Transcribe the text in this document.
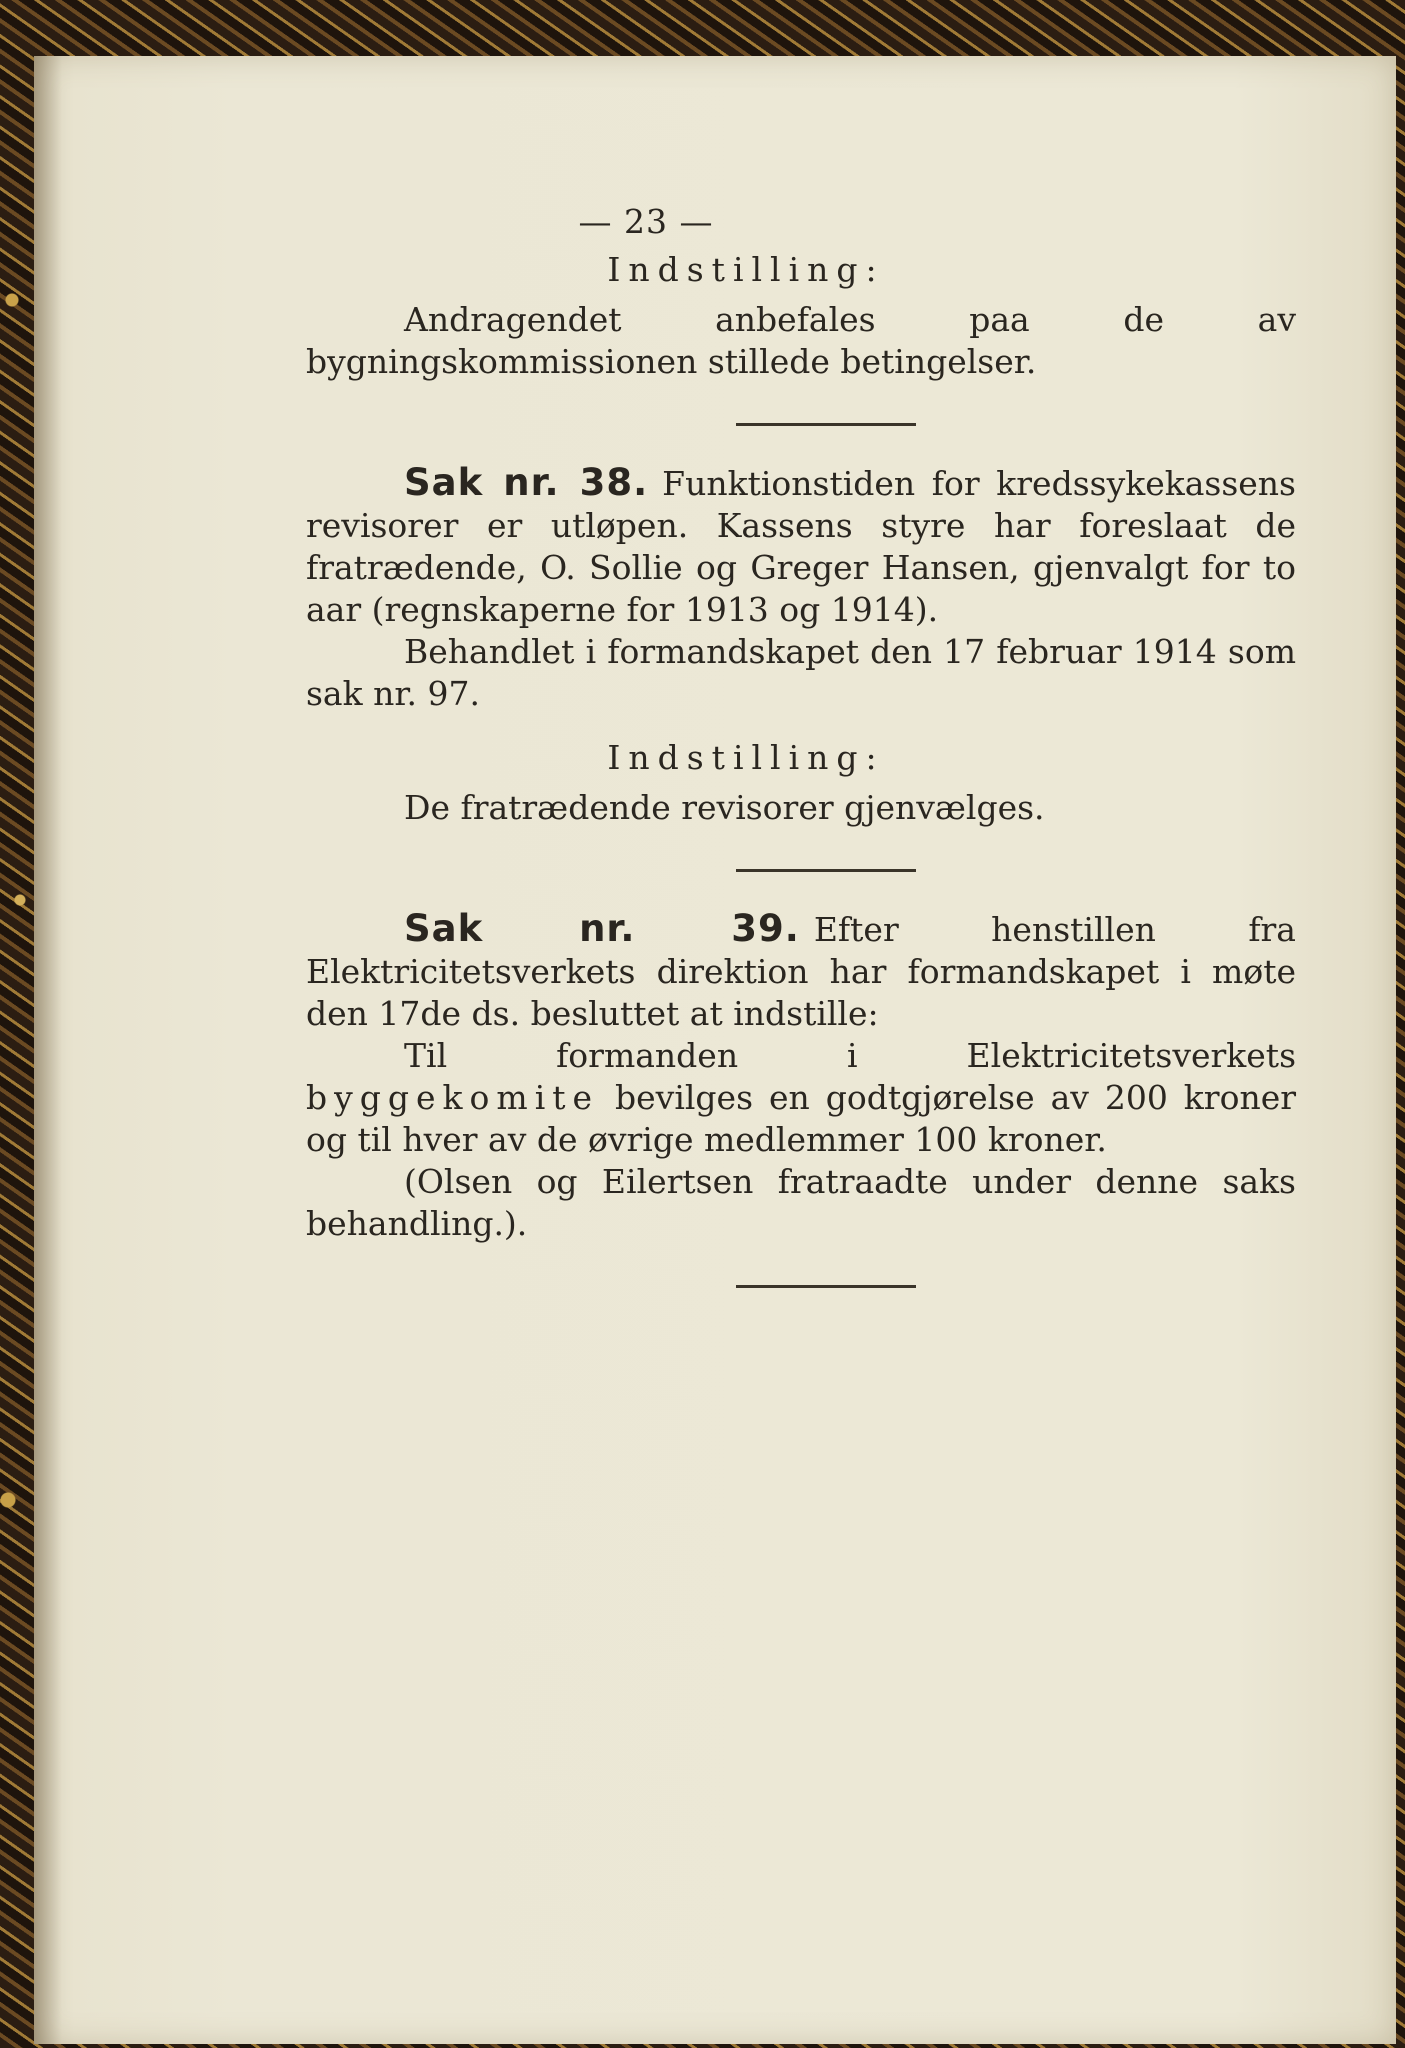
— 23 —
Indstilling:

Andragendet anbefales paa de av bygningskommissionen stillede betingelser.

Sak nr. 38. Funktionstiden for kredssykekassens revisorer er utløpen. Kassens styre har foreslaat de fratrædende, O. Sollie og Greger Hansen, gjenvalgt for to aar (regnskaperne for 1913 og 1914).

Behandlet i formandskapet den 17 februar 1914 som sak nr. 97.

Indstilling:

De fratrædende revisorer gjenvælges.

Sak nr. 39. Efter henstillen fra Elektricitetsverkets direktion har formandskapet i møte den 17de ds. besluttet at indstille:

Til formanden i Elektricitetsverkets byggekomite bevilges en godtgjørelse av 200 kroner og til hver av de øvrige medlemmer 100 kroner.

(Olsen og Eilertsen fratraadte under denne saks behandling.).
